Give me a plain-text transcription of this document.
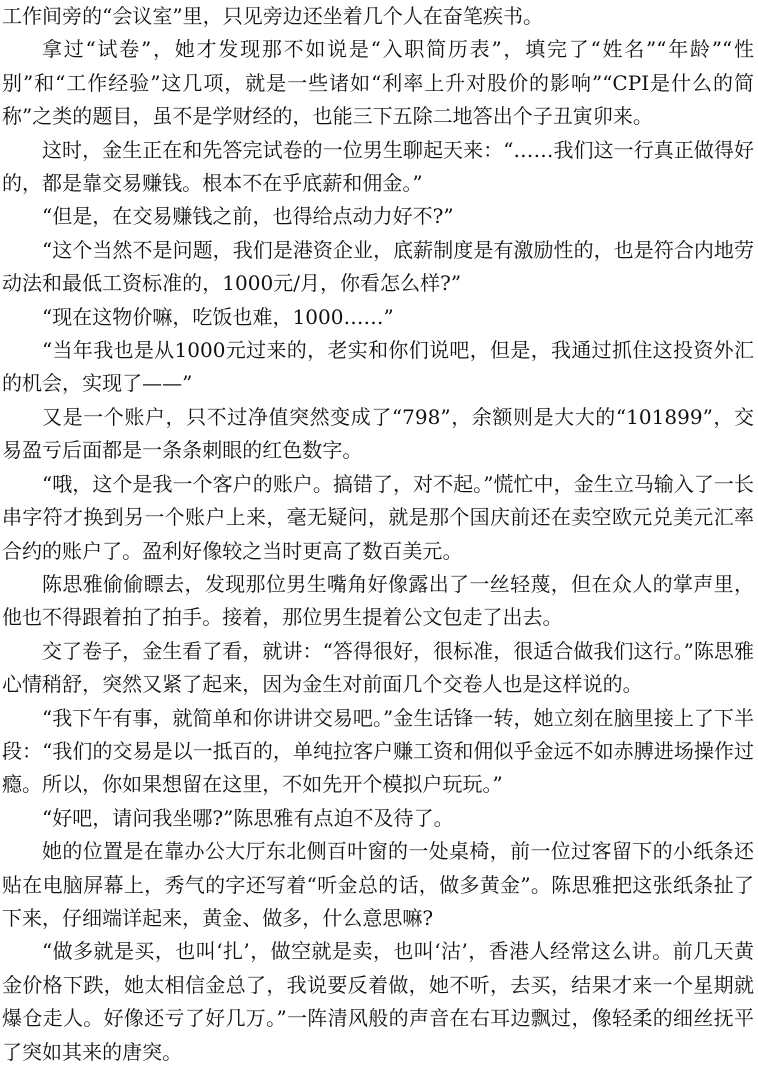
工作间旁的“会议室”里，只见旁边还坐着几个人在奋笔疾书。

拿过“试卷”，她才发现那不如说是“入职简历表”，填完了“姓名”“年龄”“性别”和“工作经验”这几项，就是一些诸如“利率上升对股价的影响”“CPI是什么的简称”之类的题目，虽不是学财经的，也能三下五除二地答出个子丑寅卯来。

这时，金生正在和先答完试卷的一位男生聊起天来：“……我们这一行真正做得好的，都是靠交易赚钱。根本不在乎底薪和佣金。”

“但是，在交易赚钱之前，也得给点动力好不?”

“这个当然不是问题，我们是港资企业，底薪制度是有激励性的，也是符合内地劳动法和最低工资标准的，1000元/月，你看怎么样?”

“现在这物价嘛，吃饭也难，1000……”

“当年我也是从1000元过来的，老实和你们说吧，但是，我通过抓住这投资外汇的机会，实现了——”

又是一个账户，只不过净值突然变成了“798”，余额则是大大的“101899”，交易盈亏后面都是一条条刺眼的红色数字。

“哦，这个是我一个客户的账户。搞错了，对不起。”慌忙中，金生立马输入了一长串字符才换到另一个账户上来，毫无疑问，就是那个国庆前还在卖空欧元兑美元汇率合约的账户了。盈利好像较之当时更高了数百美元。

陈思雅偷偷瞟去，发现那位男生嘴角好像露出了一丝轻蔑，但在众人的掌声里，他也不得跟着拍了拍手。接着，那位男生提着公文包走了出去。

交了卷子，金生看了看，就讲：“答得很好，很标准，很适合做我们这行。”陈思雅心情稍舒，突然又紧了起来，因为金生对前面几个交卷人也是这样说的。

“我下午有事，就简单和你讲讲交易吧。”金生话锋一转，她立刻在脑里接上了下半段：“我们的交易是以一抵百的，单纯拉客户赚工资和佣似乎金远不如赤膊进场操作过瘾。所以，你如果想留在这里，不如先开个模拟户玩玩。”

“好吧，请问我坐哪?”陈思雅有点迫不及待了。

她的位置是在靠办公大厅东北侧百叶窗的一处桌椅，前一位过客留下的小纸条还贴在电脑屏幕上，秀气的字还写着“听金总的话，做多黄金”。陈思雅把这张纸条扯了下来，仔细端详起来，黄金、做多，什么意思嘛?

“做多就是买，也叫‘扎’，做空就是卖，也叫‘沽’，香港人经常这么讲。前几天黄金价格下跌，她太相信金总了，我说要反着做，她不听，去买，结果才来一个星期就爆仓走人。好像还亏了好几万。”一阵清风般的声音在右耳边飘过，像轻柔的细丝抚平了突如其来的唐突。
